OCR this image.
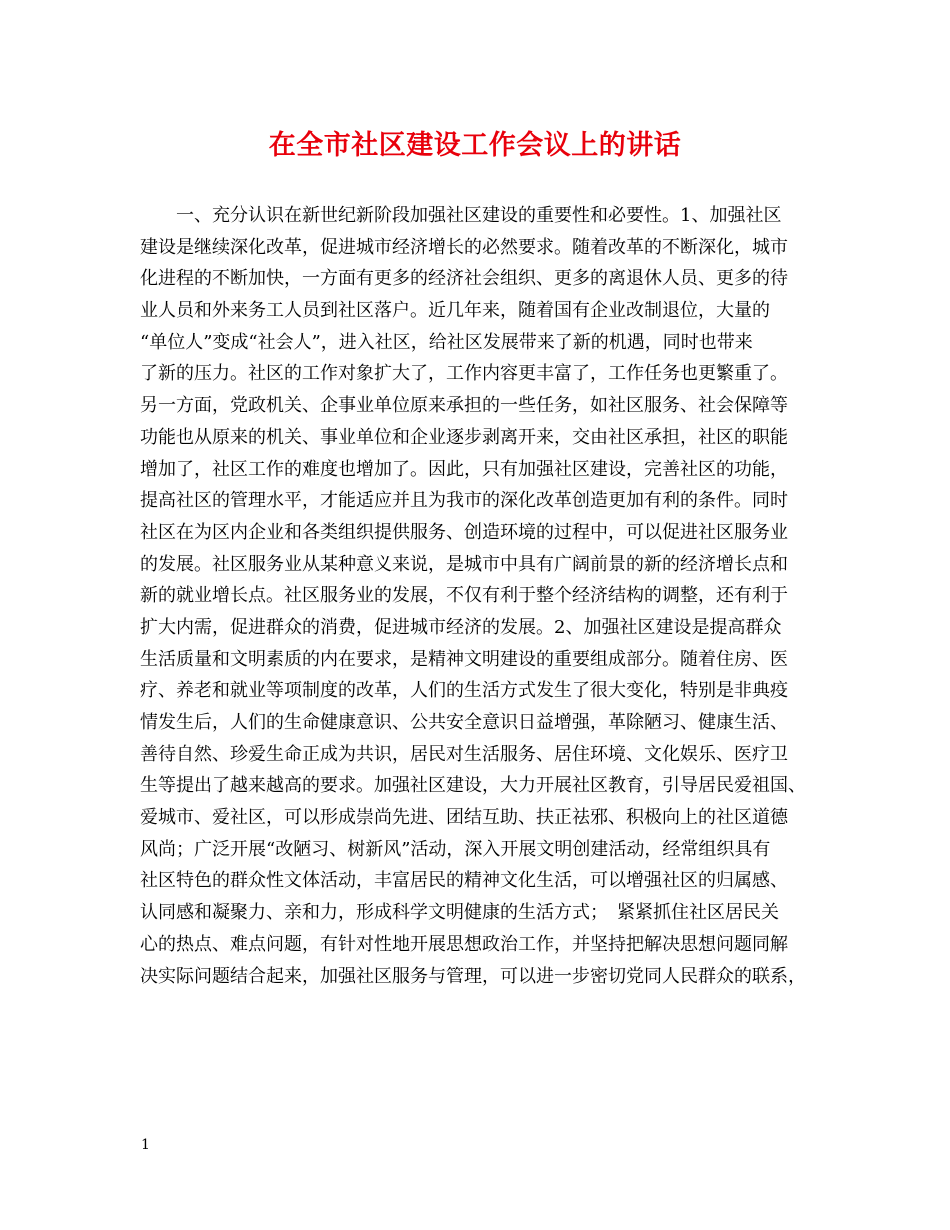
在全市社区建设工作会议上的讲话
　　一、充分认识在新世纪新阶段加强社区建设的重要性和必要性。1、加强社区
建设是继续深化改革，促进城市经济增长的必然要求。随着改革的不断深化，城市
化进程的不断加快，一方面有更多的经济社会组织、更多的离退休人员、更多的待
业人员和外来务工人员到社区落户。近几年来，随着国有企业改制退位，大量的
“单位人”变成“社会人”，进入社区，给社区发展带来了新的机遇，同时也带来
了新的压力。社区的工作对象扩大了，工作内容更丰富了，工作任务也更繁重了。
另一方面，党政机关、企事业单位原来承担的一些任务，如社区服务、社会保障等
功能也从原来的机关、事业单位和企业逐步剥离开来，交由社区承担，社区的职能
增加了，社区工作的难度也增加了。因此，只有加强社区建设，完善社区的功能，
提高社区的管理水平，才能适应并且为我市的深化改革创造更加有利的条件。同时
社区在为区内企业和各类组织提供服务、创造环境的过程中，可以促进社区服务业
的发展。社区服务业从某种意义来说，是城市中具有广阔前景的新的经济增长点和
新的就业增长点。社区服务业的发展，不仅有利于整个经济结构的调整，还有利于
扩大内需，促进群众的消费，促进城市经济的发展。2、加强社区建设是提高群众
生活质量和文明素质的内在要求，是精神文明建设的重要组成部分。随着住房、医
疗、养老和就业等项制度的改革，人们的生活方式发生了很大变化，特别是非典疫
情发生后，人们的生命健康意识、公共安全意识日益增强，革除陋习、健康生活、
善待自然、珍爱生命正成为共识，居民对生活服务、居住环境、文化娱乐、医疗卫
生等提出了越来越高的要求。加强社区建设，大力开展社区教育，引导居民爱祖国、
爱城市、爱社区，可以形成崇尚先进、团结互助、扶正祛邪、积极向上的社区道德
风尚；广泛开展“改陋习、树新风”活动，深入开展文明创建活动，经常组织具有
社区特色的群众性文体活动，丰富居民的精神文化生活，可以增强社区的归属感、
认同感和凝聚力、亲和力，形成科学文明健康的生活方式；　紧紧抓住社区居民关
心的热点、难点问题，有针对性地开展思想政治工作，并坚持把解决思想问题同解
决实际问题结合起来，加强社区服务与管理，可以进一步密切党同人民群众的联系，
1
